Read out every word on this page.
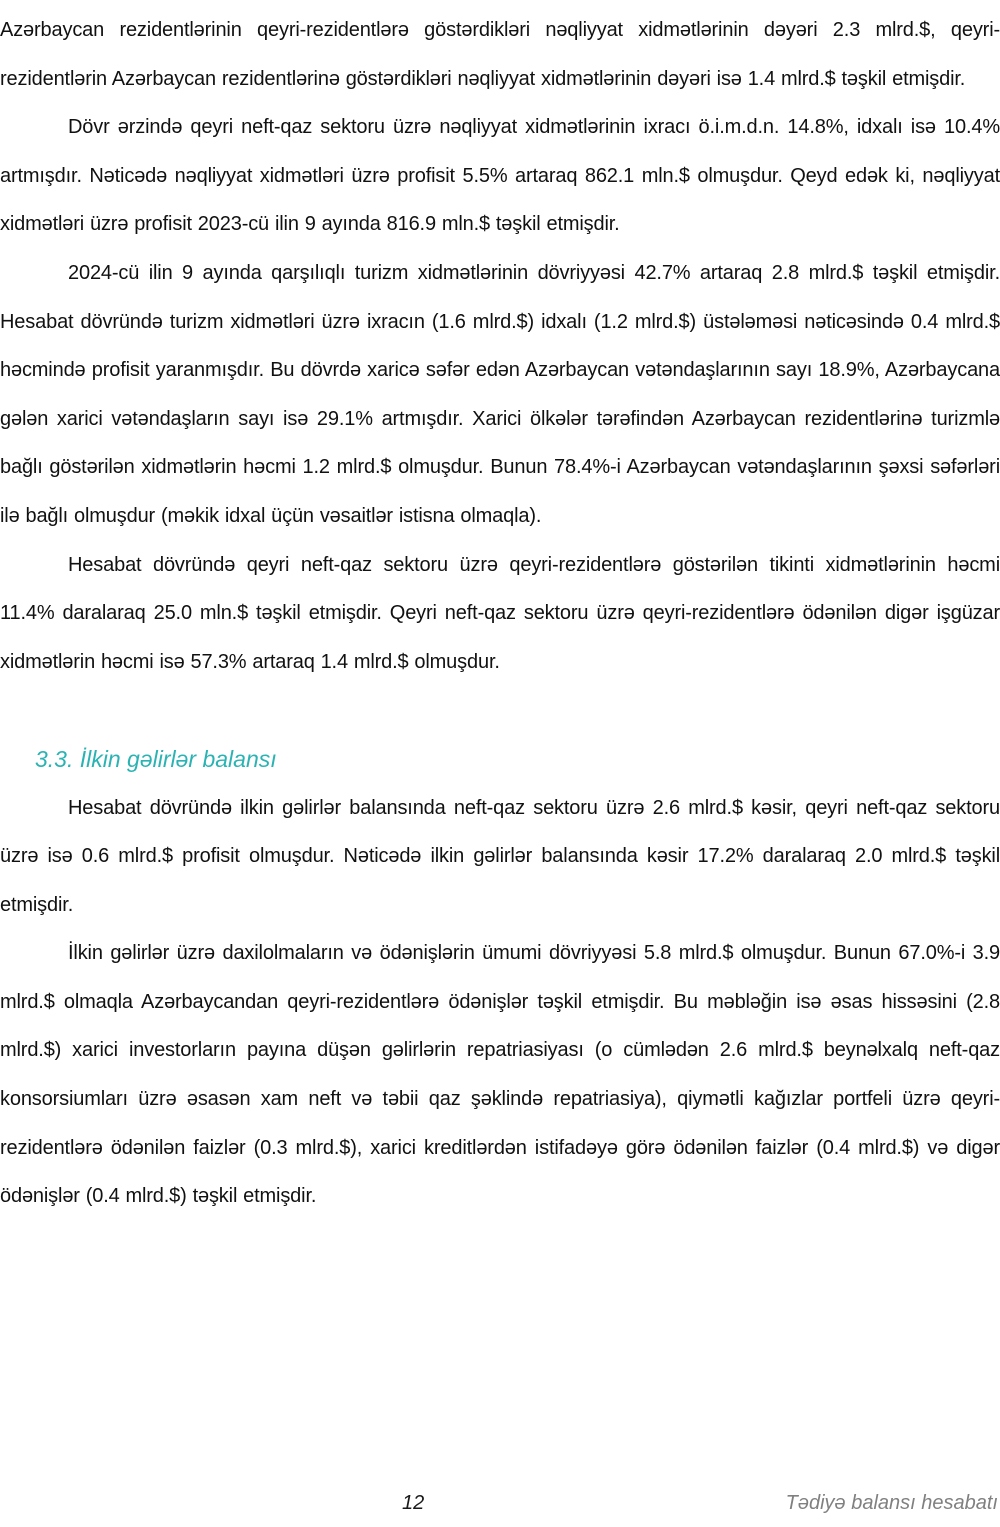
Azərbaycan rezidentlərinin qeyri-rezidentlərə göstərdikləri nəqliyyat xidmətlərinin dəyəri 2.3 mlrd.$, qeyri-rezidentlərin Azərbaycan rezidentlərinə göstərdikləri nəqliyyat xidmətlərinin dəyəri isə 1.4 mlrd.$ təşkil etmişdir.

Dövr ərzində qeyri neft-qaz sektoru üzrə nəqliyyat xidmətlərinin ixracı ö.i.m.d.n. 14.8%, idxalı isə 10.4% artmışdır. Nəticədə nəqliyyat xidmətləri üzrə profisit 5.5% artaraq 862.1 mln.$ olmuşdur. Qeyd edək ki, nəqliyyat xidmətləri üzrə profisit 2023-cü ilin 9 ayında 816.9 mln.$ təşkil etmişdir.

2024-cü ilin 9 ayında qarşılıqlı turizm xidmətlərinin dövriyyəsi 42.7% artaraq 2.8 mlrd.$ təşkil etmişdir. Hesabat dövründə turizm xidmətləri üzrə ixracın (1.6 mlrd.$) idxalı (1.2 mlrd.$) üstələməsi nəticəsində 0.4 mlrd.$ həcmində profisit yaranmışdır. Bu dövrdə xaricə səfər edən Azərbaycan vətəndaşlarının sayı 18.9%, Azərbaycana gələn xarici vətəndaşların sayı isə 29.1% artmışdır. Xarici ölkələr tərəfindən Azərbaycan rezidentlərinə turizmlə bağlı göstərilən xidmətlərin həcmi 1.2 mlrd.$ olmuşdur. Bunun 78.4%-i Azərbaycan vətəndaşlarının şəxsi səfərləri ilə bağlı olmuşdur (məkik idxal üçün vəsaitlər istisna olmaqla).

Hesabat dövründə qeyri neft-qaz sektoru üzrə qeyri-rezidentlərə göstərilən tikinti xidmətlərinin həcmi 11.4% daralaraq 25.0 mln.$ təşkil etmişdir. Qeyri neft-qaz sektoru üzrə qeyri-rezidentlərə ödənilən digər işgüzar xidmətlərin həcmi isə 57.3% artaraq 1.4 mlrd.$ olmuşdur.

3.3. İlkin gəlirlər balansı

Hesabat dövründə ilkin gəlirlər balansında neft-qaz sektoru üzrə 2.6 mlrd.$ kəsir, qeyri neft-qaz sektoru üzrə isə 0.6 mlrd.$ profisit olmuşdur. Nəticədə ilkin gəlirlər balansında kəsir 17.2% daralaraq 2.0 mlrd.$ təşkil etmişdir.

İlkin gəlirlər üzrə daxilolmaların və ödənişlərin ümumi dövriyyəsi 5.8 mlrd.$ olmuşdur. Bunun 67.0%-i 3.9 mlrd.$ olmaqla Azərbaycandan qeyri-rezidentlərə ödənişlər təşkil etmişdir. Bu məbləğin isə əsas hissəsini (2.8 mlrd.$) xarici investorların payına düşən gəlirlərin repatriasiyası (o cümlədən 2.6 mlrd.$ beynəlxalq neft-qaz konsorsiumları üzrə əsasən xam neft və təbii qaz şəklində repatriasiya), qiymətli kağızlar portfeli üzrə qeyri-rezidentlərə ödənilən faizlər (0.3 mlrd.$), xarici kreditlərdən istifadəyə görə ödənilən faizlər (0.4 mlrd.$) və digər ödənişlər (0.4 mlrd.$) təşkil etmişdir.

12	Tədiyə balansı hesabatı
